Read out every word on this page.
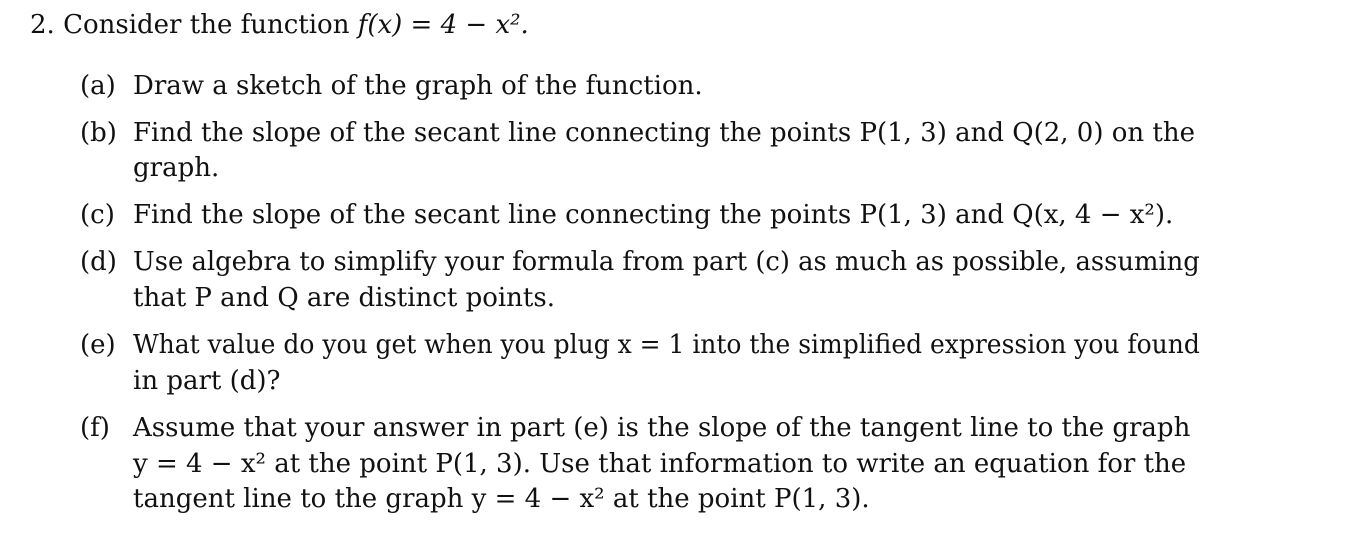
2. Consider the function f(x) = 4 − x².
(a) Draw a sketch of the graph of the function.
(b) Find the slope of the secant line connecting the points P(1, 3) and Q(2, 0) on the
graph.
(c) Find the slope of the secant line connecting the points P(1, 3) and Q(x, 4 − x²).
(d) Use algebra to simplify your formula from part (c) as much as possible, assuming
that P and Q are distinct points.
(e) What value do you get when you plug x = 1 into the simplified expression you found
in part (d)?
(f) Assume that your answer in part (e) is the slope of the tangent line to the graph
y = 4 − x² at the point P(1, 3). Use that information to write an equation for the
tangent line to the graph y = 4 − x² at the point P(1, 3).
